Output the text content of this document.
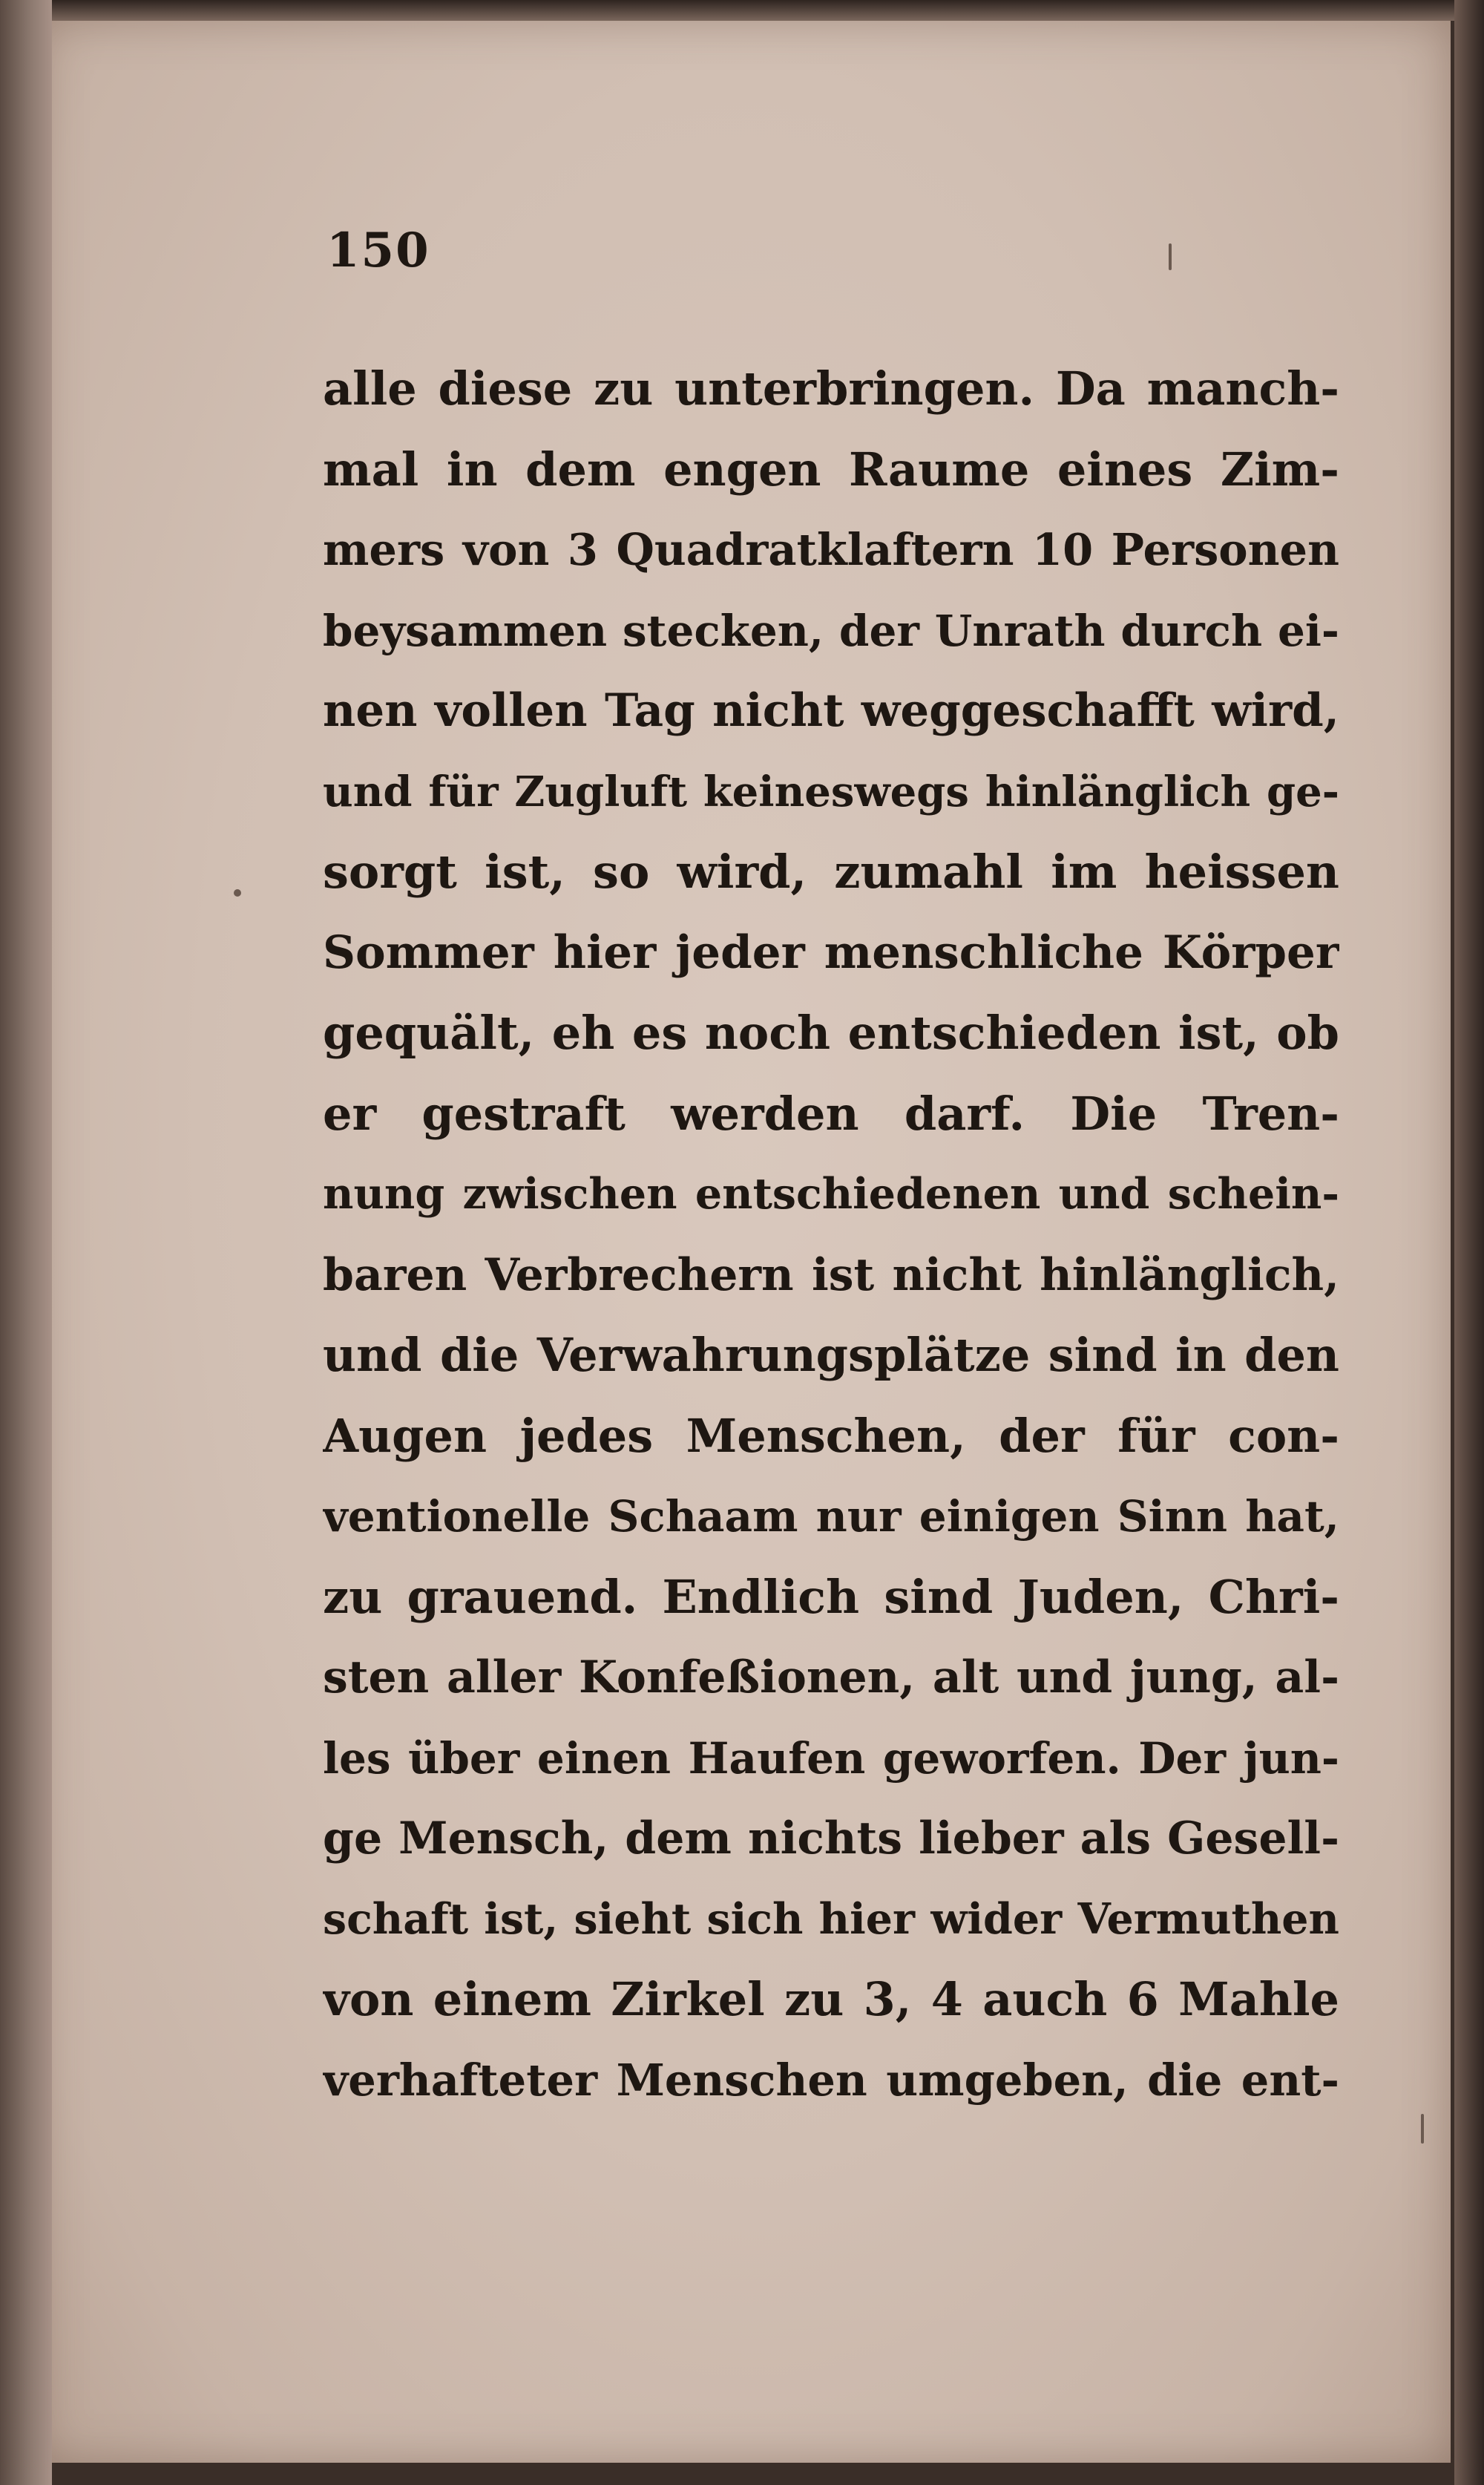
150
alle diese zu unterbringen. Da manch-
mal in dem engen Raume eines Zim-
mers von 3 Quadratklaftern 10 Personen
beysammen stecken, der Unrath durch ei-
nen vollen Tag nicht weggeschafft wird,
und für Zugluft keineswegs hinlänglich ge-
sorgt ist, so wird, zumahl im heissen
Sommer hier jeder menschliche Körper
gequält, eh es noch entschieden ist, ob
er gestraft werden darf. Die Tren-
nung zwischen entschiedenen und schein-
baren Verbrechern ist nicht hinlänglich,
und die Verwahrungsplätze sind in den
Augen jedes Menschen, der für con-
ventionelle Schaam nur einigen Sinn hat,
zu grauend. Endlich sind Juden, Chri-
sten aller Konfeßionen, alt und jung, al-
les über einen Haufen geworfen. Der jun-
ge Mensch, dem nichts lieber als Gesell-
schaft ist, sieht sich hier wider Vermuthen
von einem Zirkel zu 3, 4 auch 6 Mahle
verhafteter Menschen umgeben, die ent-
